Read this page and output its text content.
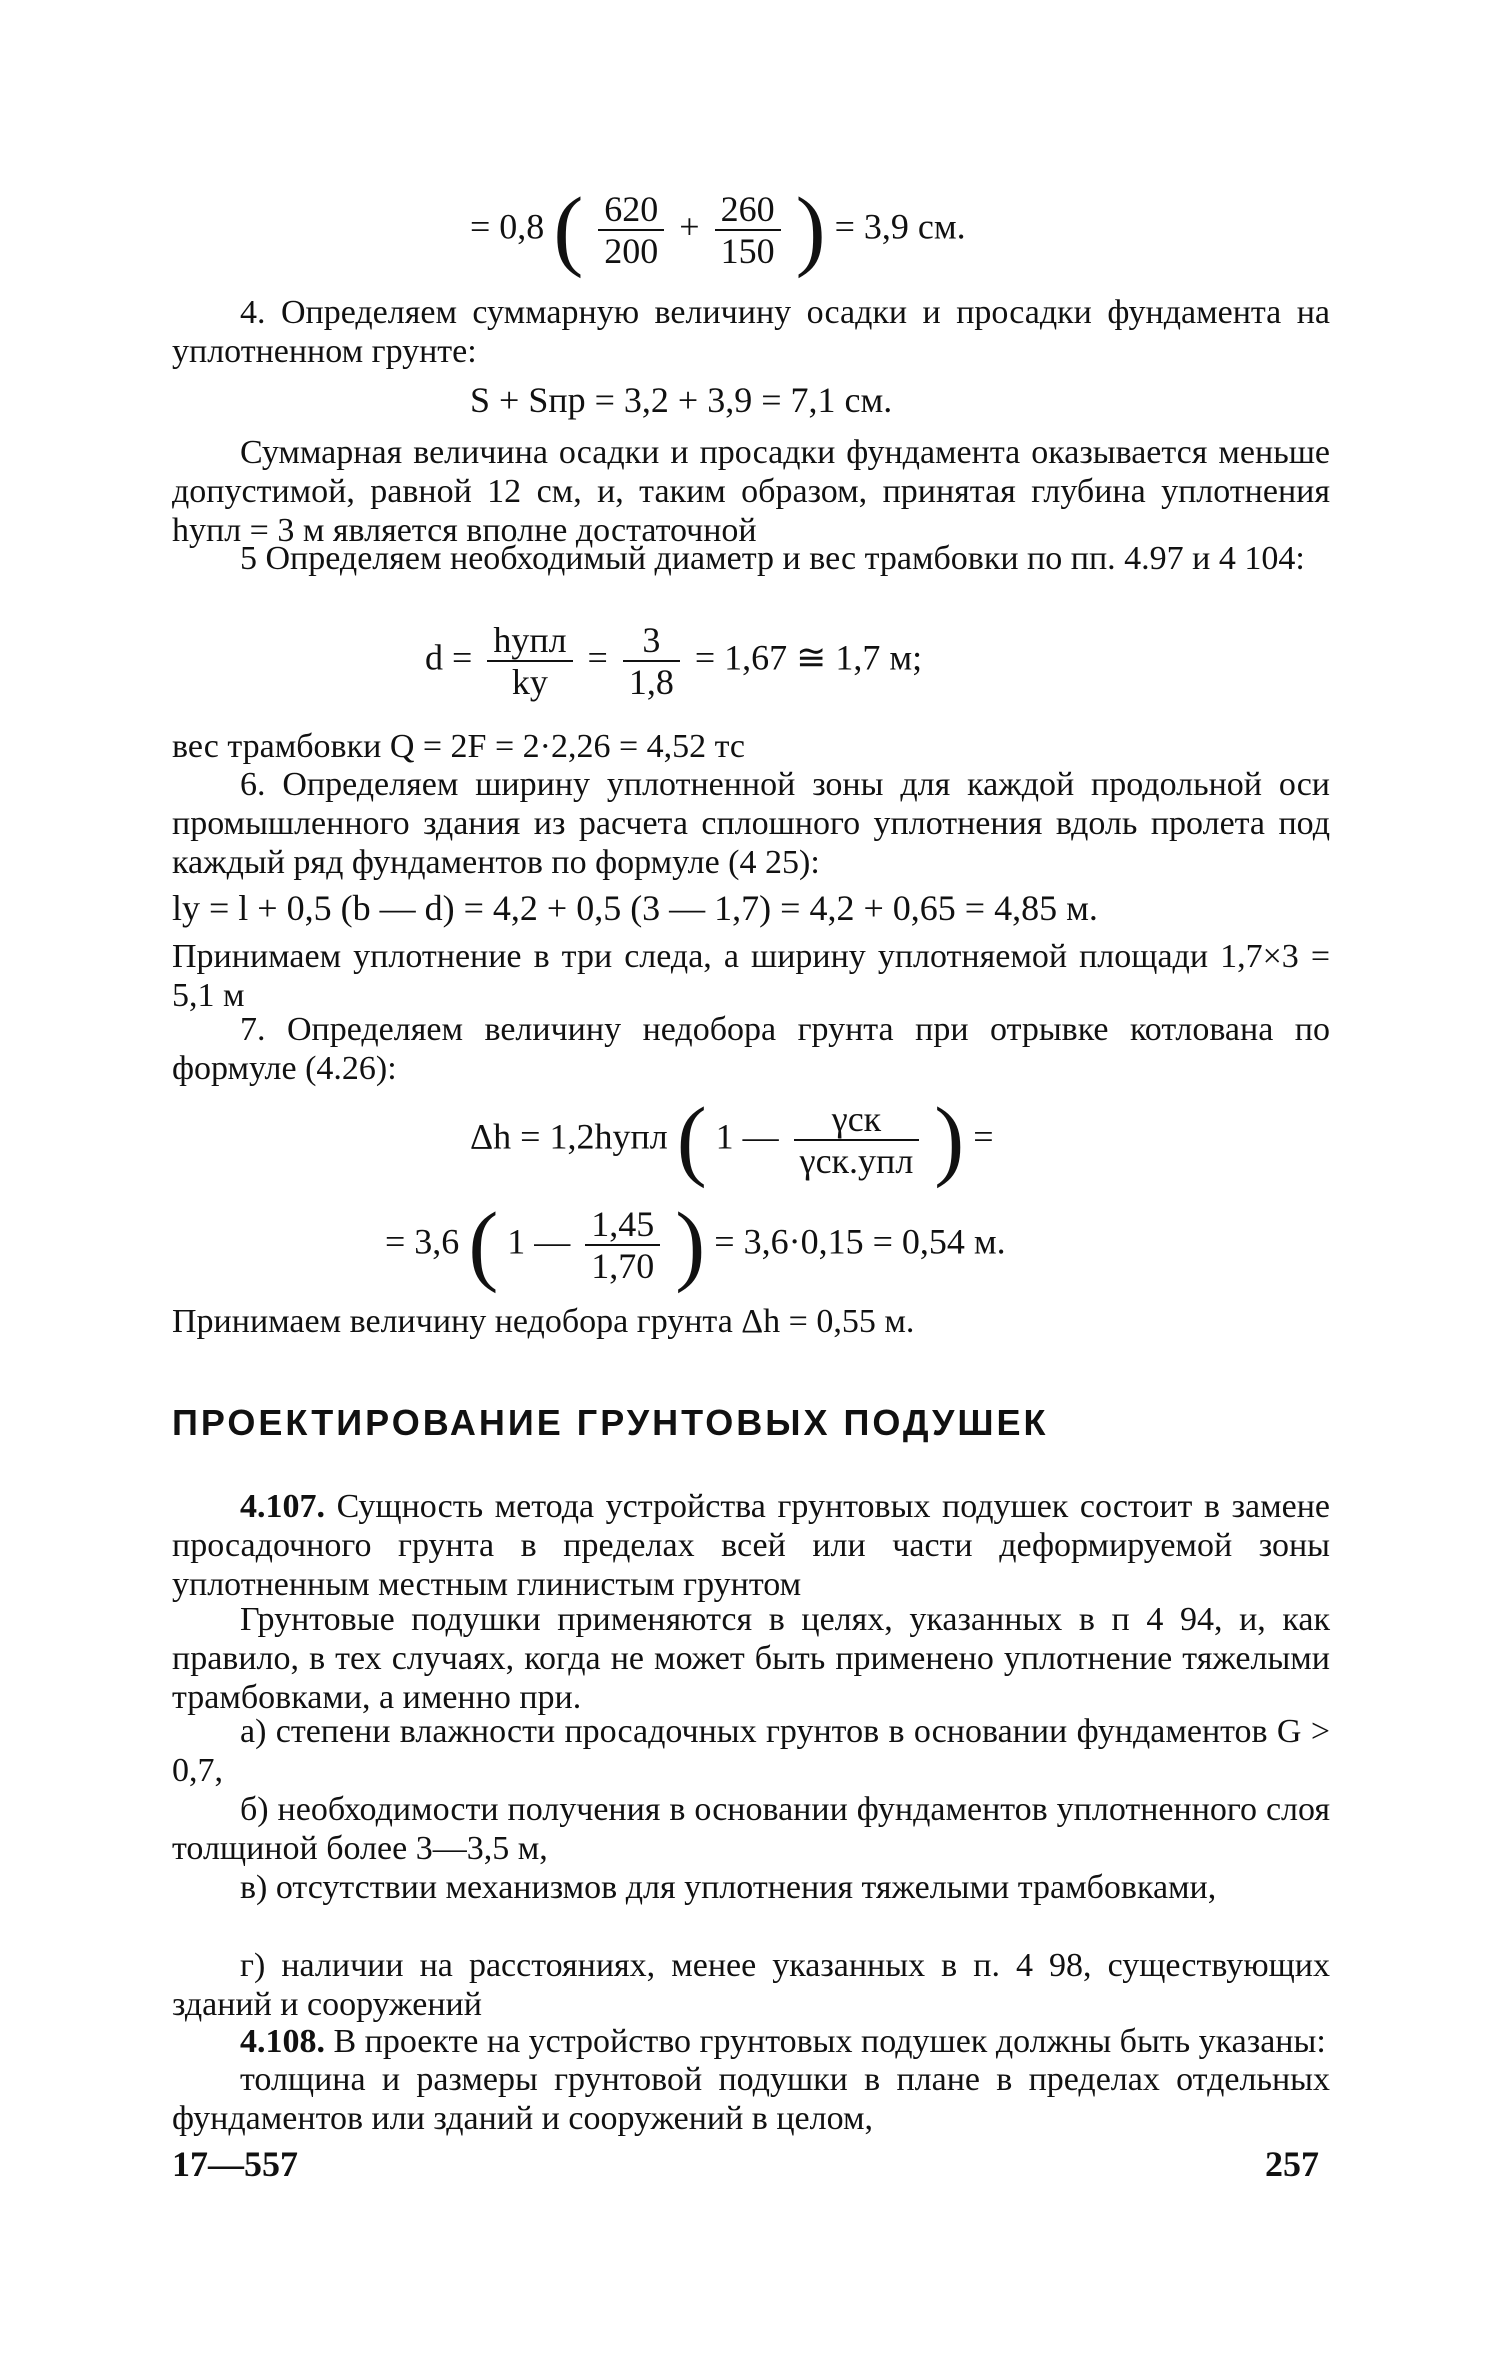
= 0,8 ( $\frac{620}{200} + \frac{260}{150}$ ) = 3,9 см.

4. Определяем суммарную величину осадки и просадки фундамента на уплотненном грунте:

S + Sпр = 3,2 + 3,9 = 7,1 см.

Суммарная величина осадки и просадки фундамента оказывается меньше допустимой, равной 12 см, и, таким образом, принятая глубина уплотнения hупл = 3 м является вполне достаточной

5 Определяем необходимый диаметр и вес трамбовки по пп. 4.97 и 4 104:

$d = \frac{\text{hупл}}{kу} = \frac{3}{1,8} = 1,67$ ≅ 1,7 м;

вес трамбовки Q = 2F = 2·2,26 = 4,52 тс

6. Определяем ширину уплотненной зоны для каждой продольной оси промышленного здания из расчета сплошного уплотнения вдоль пролета под каждый ряд фундаментов по формуле (4 25):

lу = l + 0,5 (b — d) = 4,2 + 0,5 (3 — 1,7) = 4,2 + 0,65 = 4,85 м.

Принимаем уплотнение в три следа, а ширину уплотняемой площади 1,7×3 = 5,1 м

7. Определяем величину недобора грунта при отрывке котлована по формуле (4.26):

Δh = 1,2hупл ( 1 — $\frac{\text{γск}}{\text{γск.упл}}$ ) =
= 3,6 ( 1 — $\frac{1,45}{1,70}$ ) = 3,6·0,15 = 0,54 м.

Принимаем величину недобора грунта Δh = 0,55 м.

ПРОЕКТИРОВАНИЕ ГРУНТОВЫХ ПОДУШЕК

4.107. Сущность метода устройства грунтовых подушек состоит в замене просадочного грунта в пределах всей или части деформируемой зоны уплотненным местным глинистым грунтом

Грунтовые подушки применяются в целях, указанных в п 4 94, и, как правило, в тех случаях, когда не может быть применено уплотнение тяжелыми трамбовками, а именно при.

а) степени влажности просадочных грунтов в основании фундаментов G > 0,7,

б) необходимости получения в основании фундаментов уплотненного слоя толщиной более 3—3,5 м,

в) отсутствии механизмов для уплотнения тяжелыми трамбовками,

г) наличии на расстояниях, менее указанных в п. 4 98, существующих зданий и сооружений

4.108. В проекте на устройство грунтовых подушек должны быть указаны:

толщина и размеры грунтовой подушки в плане в пределах отдельных фундаментов или зданий и сооружений в целом,

17—557	257
